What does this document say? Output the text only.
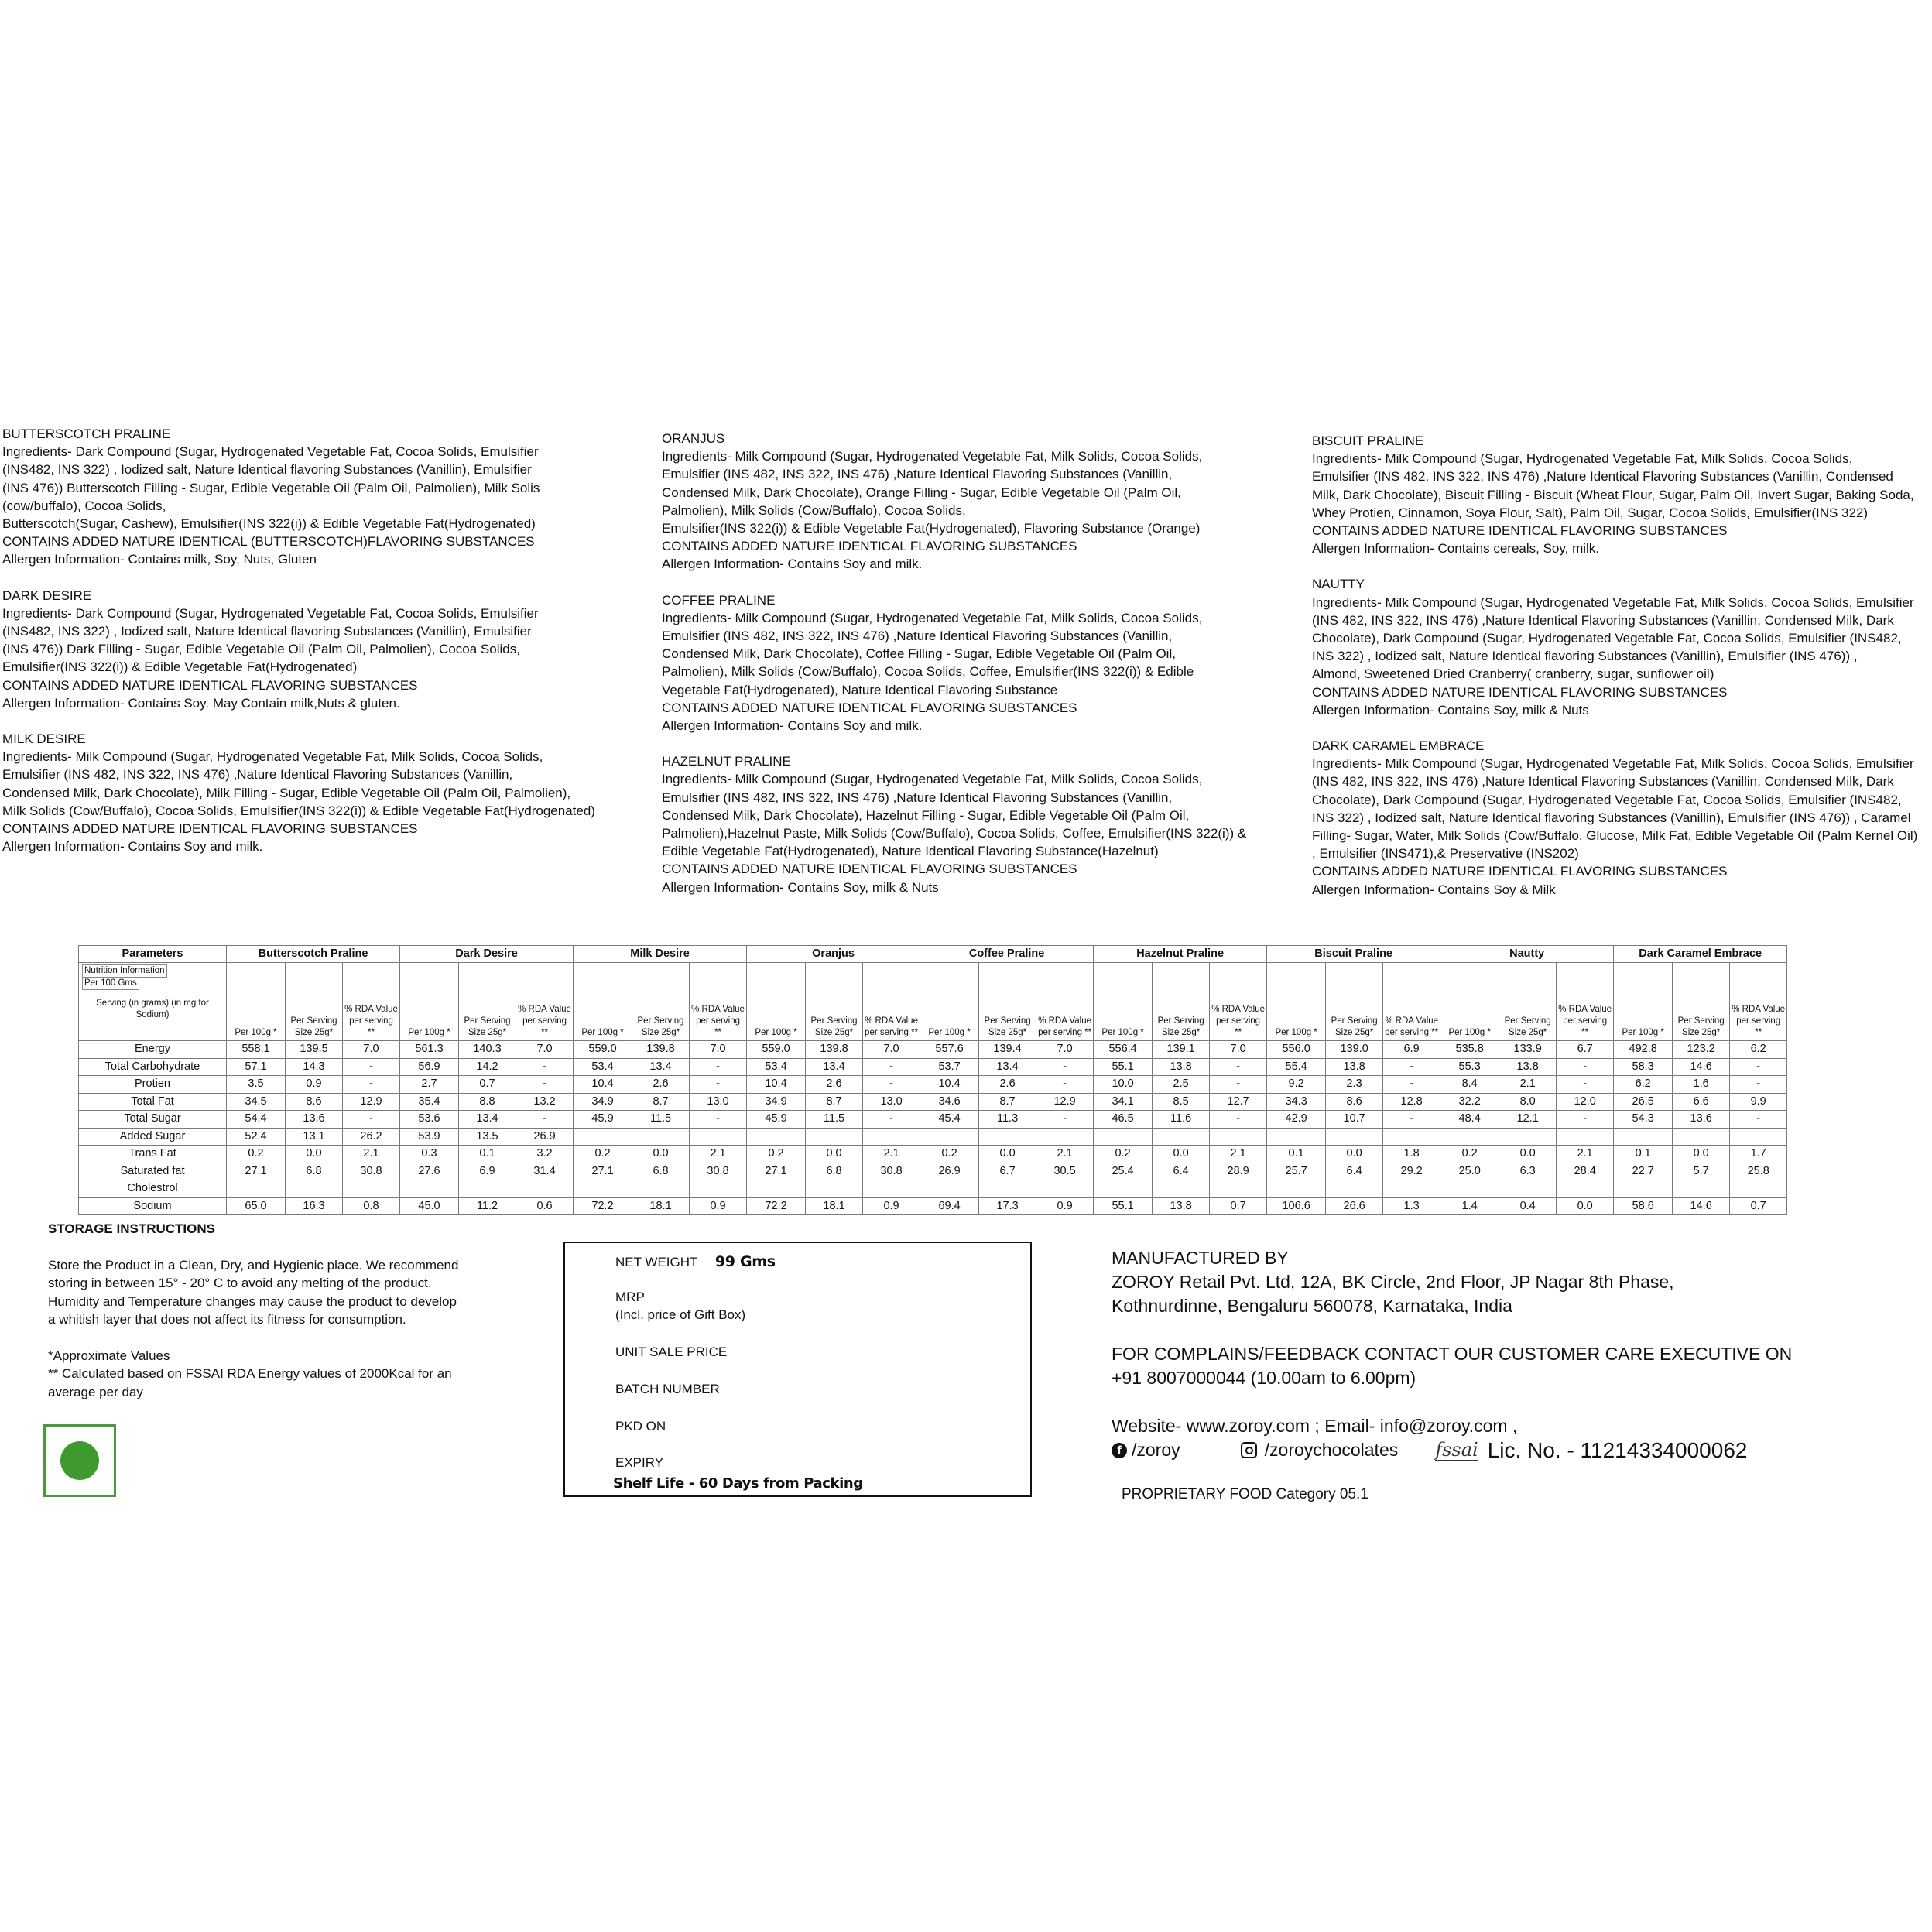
BUTTERSCOTCH PRALINE

Ingredients- Dark Compound (Sugar, Hydrogenated Vegetable Fat, Cocoa Solids, Emulsifier
(INS482, INS 322) , Iodized salt, Nature Identical flavoring Substances (Vanillin), Emulsifier
(INS 476)) Butterscotch Filling - Sugar, Edible Vegetable Oil (Palm Oil, Palmolien), Milk Solis
(cow/buffalo), Cocoa Solids,
Butterscotch(Sugar, Cashew), Emulsifier(INS 322(i)) & Edible Vegetable Fat(Hydrogenated)
CONTAINS ADDED NATURE IDENTICAL (BUTTERSCOTCH)FLAVORING SUBSTANCES
Allergen Information- Contains milk, Soy, Nuts, Gluten

DARK DESIRE

Ingredients- Dark Compound (Sugar, Hydrogenated Vegetable Fat, Cocoa Solids, Emulsifier
(INS482, INS 322) , Iodized salt, Nature Identical flavoring Substances (Vanillin), Emulsifier
(INS 476)) Dark Filling - Sugar, Edible Vegetable Oil (Palm Oil, Palmolien), Cocoa Solids,
Emulsifier(INS 322(i)) & Edible Vegetable Fat(Hydrogenated)
CONTAINS ADDED NATURE IDENTICAL FLAVORING SUBSTANCES
Allergen Information- Contains Soy. May Contain milk,Nuts & gluten.

MILK DESIRE

Ingredients- Milk Compound (Sugar, Hydrogenated Vegetable Fat, Milk Solids, Cocoa Solids,
Emulsifier (INS 482, INS 322, INS 476) ,Nature Identical Flavoring Substances (Vanillin,
Condensed Milk, Dark Chocolate), Milk Filling - Sugar, Edible Vegetable Oil (Palm Oil, Palmolien),
Milk Solids (Cow/Buffalo), Cocoa Solids, Emulsifier(INS 322(i)) & Edible Vegetable Fat(Hydrogenated)
CONTAINS ADDED NATURE IDENTICAL FLAVORING SUBSTANCES
Allergen Information- Contains Soy and milk.

ORANJUS

Ingredients- Milk Compound (Sugar, Hydrogenated Vegetable Fat, Milk Solids, Cocoa Solids,
Emulsifier (INS 482, INS 322, INS 476) ,Nature Identical Flavoring Substances (Vanillin,
Condensed Milk, Dark Chocolate), Orange Filling - Sugar, Edible Vegetable Oil (Palm Oil,
Palmolien), Milk Solids (Cow/Buffalo), Cocoa Solids,
Emulsifier(INS 322(i)) & Edible Vegetable Fat(Hydrogenated), Flavoring Substance (Orange)
CONTAINS ADDED NATURE IDENTICAL FLAVORING SUBSTANCES
Allergen Information- Contains Soy and milk.

COFFEE PRALINE

Ingredients- Milk Compound (Sugar, Hydrogenated Vegetable Fat, Milk Solids, Cocoa Solids,
Emulsifier (INS 482, INS 322, INS 476) ,Nature Identical Flavoring Substances (Vanillin,
Condensed Milk, Dark Chocolate), Coffee Filling - Sugar, Edible Vegetable Oil (Palm Oil,
Palmolien), Milk Solids (Cow/Buffalo), Cocoa Solids, Coffee, Emulsifier(INS 322(i)) & Edible
Vegetable Fat(Hydrogenated), Nature Identical Flavoring Substance
CONTAINS ADDED NATURE IDENTICAL FLAVORING SUBSTANCES
Allergen Information- Contains Soy and milk.

HAZELNUT PRALINE

Ingredients- Milk Compound (Sugar, Hydrogenated Vegetable Fat, Milk Solids, Cocoa Solids,
Emulsifier (INS 482, INS 322, INS 476) ,Nature Identical Flavoring Substances (Vanillin,
Condensed Milk, Dark Chocolate), Hazelnut Filling - Sugar, Edible Vegetable Oil (Palm Oil,
Palmolien),Hazelnut Paste, Milk Solids (Cow/Buffalo), Cocoa Solids, Coffee, Emulsifier(INS 322(i)) &
Edible Vegetable Fat(Hydrogenated), Nature Identical Flavoring Substance(Hazelnut)
CONTAINS ADDED NATURE IDENTICAL FLAVORING SUBSTANCES
Allergen Information- Contains Soy, milk & Nuts

BISCUIT PRALINE

Ingredients- Milk Compound (Sugar, Hydrogenated Vegetable Fat, Milk Solids, Cocoa Solids,
Emulsifier (INS 482, INS 322, INS 476) ,Nature Identical Flavoring Substances (Vanillin, Condensed
Milk, Dark Chocolate), Biscuit Filling - Biscuit (Wheat Flour, Sugar, Palm Oil, Invert Sugar, Baking Soda,
Whey Protien, Cinnamon, Soya Flour, Salt), Palm Oil, Sugar, Cocoa Solids, Emulsifier(INS 322)
CONTAINS ADDED NATURE IDENTICAL FLAVORING SUBSTANCES
Allergen Information- Contains cereals, Soy, milk.

NAUTTY

Ingredients- Milk Compound (Sugar, Hydrogenated Vegetable Fat, Milk Solids, Cocoa Solids, Emulsifier
(INS 482, INS 322, INS 476) ,Nature Identical Flavoring Substances (Vanillin, Condensed Milk, Dark
Chocolate), Dark Compound (Sugar, Hydrogenated Vegetable Fat, Cocoa Solids, Emulsifier (INS482,
INS 322) , Iodized salt, Nature Identical flavoring Substances (Vanillin), Emulsifier (INS 476)) ,
Almond, Sweetened Dried Cranberry( cranberry, sugar, sunflower oil)
CONTAINS ADDED NATURE IDENTICAL FLAVORING SUBSTANCES
Allergen Information- Contains Soy, milk & Nuts

DARK CARAMEL EMBRACE

Ingredients- Milk Compound (Sugar, Hydrogenated Vegetable Fat, Milk Solids, Cocoa Solids, Emulsifier
(INS 482, INS 322, INS 476) ,Nature Identical Flavoring Substances (Vanillin, Condensed Milk, Dark
Chocolate), Dark Compound (Sugar, Hydrogenated Vegetable Fat, Cocoa Solids, Emulsifier (INS482,
INS 322) , Iodized salt, Nature Identical flavoring Substances (Vanillin), Emulsifier (INS 476)) , Caramel
Filling- Sugar, Water, Milk Solids (Cow/Buffalo, Glucose, Milk Fat, Edible Vegetable Oil (Palm Kernel Oil)
, Emulsifier (INS471),& Preservative (INS202)
CONTAINS ADDED NATURE IDENTICAL FLAVORING SUBSTANCES
Allergen Information- Contains Soy & Milk

Parameters	Butterscotch Praline			Dark Desire			Milk Desire			Oranjus			Coffee Praline			Hazelnut Praline			Biscuit Praline			Nautty			Dark Caramel Embrace		
Nutrition Information
Per 100 Gms
Serving (in grams) (in mg for Sodium)	Per 100g *	Per Serving Size 25g*	% RDA Value per serving **	Per 100g *	Per Serving Size 25g*	% RDA Value per serving **	Per 100g *	Per Serving Size 25g*	% RDA Value per serving **	Per 100g *	Per Serving Size 25g*	% RDA Value per serving **	Per 100g *	Per Serving Size 25g*	% RDA Value per serving **	Per 100g *	Per Serving Size 25g*	% RDA Value per serving **	Per 100g *	Per Serving Size 25g*	% RDA Value per serving **	Per 100g *	Per Serving Size 25g*	% RDA Value per serving **	Per 100g *	Per Serving Size 25g*	% RDA Value per serving **
Energy	558.1	139.5	7.0	561.3	140.3	7.0	559.0	139.8	7.0	559.0	139.8	7.0	557.6	139.4	7.0	556.4	139.1	7.0	556.0	139.0	6.9	535.8	133.9	6.7	492.8	123.2	6.2
Total Carbohydrate	57.1	14.3	-	56.9	14.2	-	53.4	13.4	-	53.4	13.4	-	53.7	13.4	-	55.1	13.8	-	55.4	13.8	-	55.3	13.8	-	58.3	14.6	-
Protien	3.5	0.9	-	2.7	0.7	-	10.4	2.6	-	10.4	2.6	-	10.4	2.6	-	10.0	2.5	-	9.2	2.3	-	8.4	2.1	-	6.2	1.6	-
Total Fat	34.5	8.6	12.9	35.4	8.8	13.2	34.9	8.7	13.0	34.9	8.7	13.0	34.6	8.7	12.9	34.1	8.5	12.7	34.3	8.6	12.8	32.2	8.0	12.0	26.5	6.6	9.9
Total Sugar	54.4	13.6	-	53.6	13.4	-	45.9	11.5	-	45.9	11.5	-	45.4	11.3	-	46.5	11.6	-	42.9	10.7	-	48.4	12.1	-	54.3	13.6	-
Added Sugar	52.4	13.1	26.2	53.9	13.5	26.9																					
Trans Fat	0.2	0.0	2.1	0.3	0.1	3.2	0.2	0.0	2.1	0.2	0.0	2.1	0.2	0.0	2.1	0.2	0.0	2.1	0.1	0.0	1.8	0.2	0.0	2.1	0.1	0.0	1.7
Saturated fat	27.1	6.8	30.8	27.6	6.9	31.4	27.1	6.8	30.8	27.1	6.8	30.8	26.9	6.7	30.5	25.4	6.4	28.9	25.7	6.4	29.2	25.0	6.3	28.4	22.7	5.7	25.8
Cholestrol																											
Sodium	65.0	16.3	0.8	45.0	11.2	0.6	72.2	18.1	0.9	72.2	18.1	0.9	69.4	17.3	0.9	55.1	13.8	0.7	106.6	26.6	1.3	1.4	0.4	0.0	58.6	14.6	0.7
STORAGE INSTRUCTIONS

Store the Product in a Clean, Dry, and Hygienic place. We recommend

storing in between 15° - 20° C to avoid any melting of the product.

Humidity and Temperature changes may cause the product to develop

a whitish layer that does not affect its fitness for consumption.

*Approximate Values

** Calculated based on FSSAI RDA Energy values of 2000Kcal for an

average per day

NET WEIGHT 99 Gms
MRP
(Incl. price of Gift Box)
UNIT SALE PRICE
BATCH NUMBER
PKD ON
EXPIRY
Shelf Life - 60 Days from Packing

MANUFACTURED BY

ZOROY Retail Pvt. Ltd, 12A, BK Circle, 2nd Floor, JP Nagar 8th Phase,

Kothnurdinne, Bengaluru 560078, Karnataka, India

FOR COMPLAINS/FEEDBACK CONTACT OUR CUSTOMER CARE EXECUTIVE ON

+91 8007000044 (10.00am to 6.00pm)

Website- www.zoroy.com ; Email- info@zoroy.com ,

f /zoroy	/zoroychocolates fssai Lic. No. - 11214334000062
PROPRIETARY FOOD Category 05.1
